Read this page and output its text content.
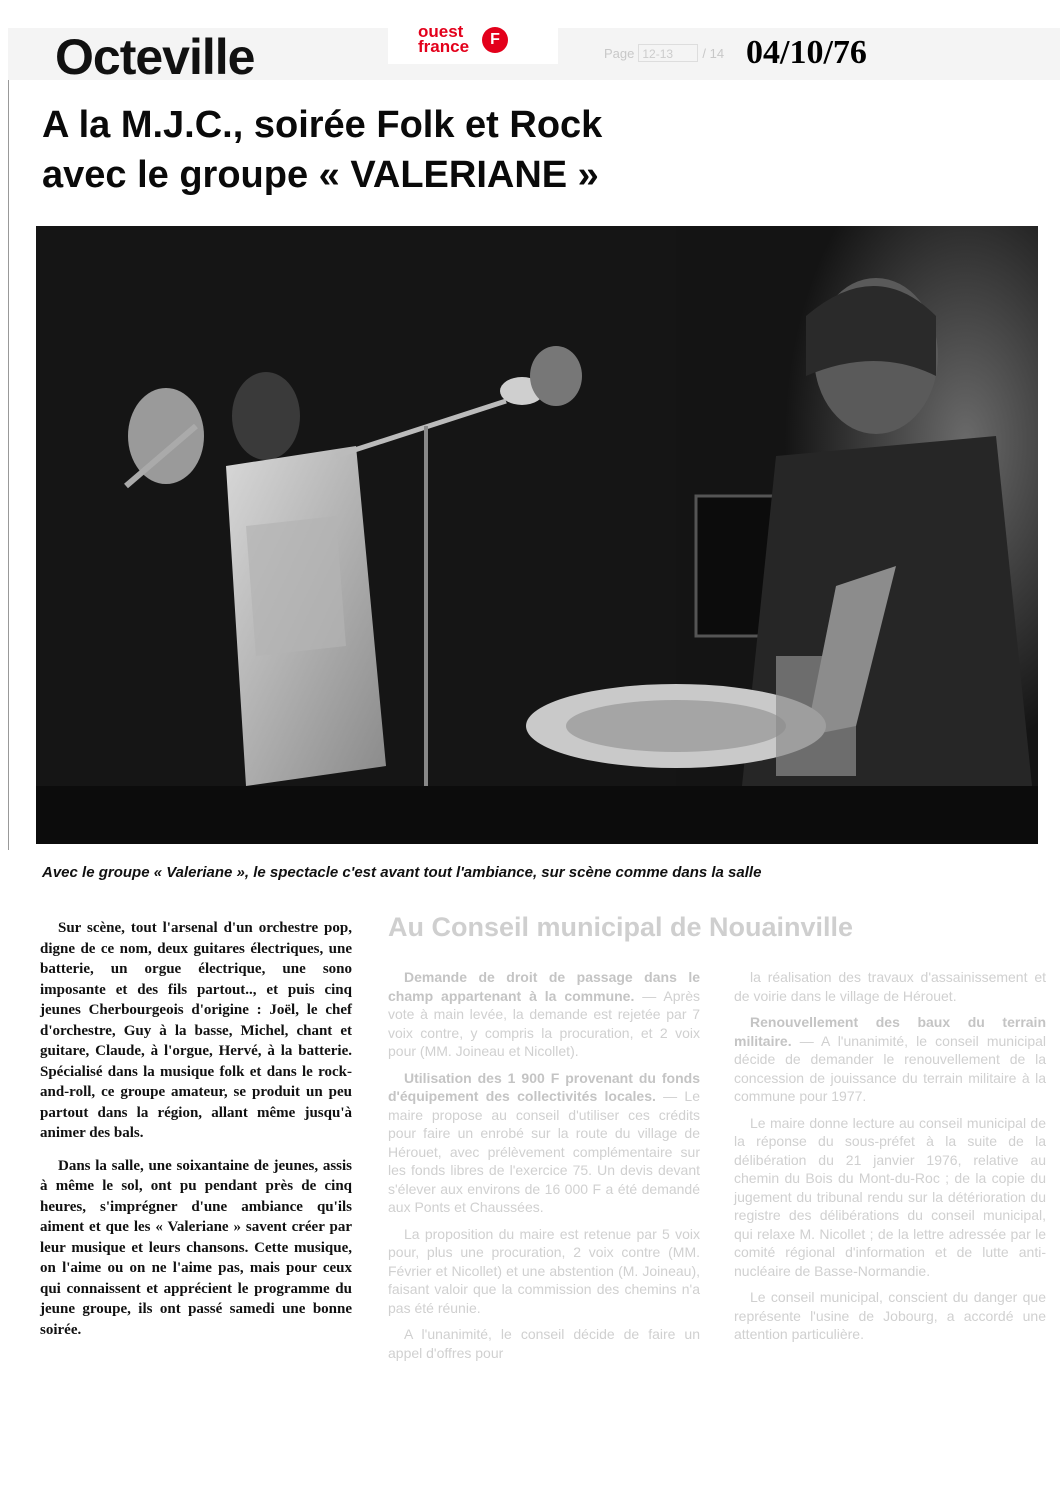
Octeville	ouest
france	F
Page 12-13	/ 14 04/10/76
A la M.J.C., soirée Folk et Rock
avec le groupe « VALERIANE »
Avec le groupe « Valeriane », le spectacle c'est avant tout l'ambiance, sur scène comme dans la salle

Sur scène, tout l'arsenal d'un orchestre pop, digne de ce nom, deux guitares électriques, une batterie, un orgue électrique, une sono imposante et des fils partout.., et puis cinq jeunes Cherbourgeois d'origine : Joël, le chef d'orchestre, Guy à la basse, Michel, chant et guitare, Claude, à l'orgue, Hervé, à la batterie. Spécialisé dans la musique folk et dans le rock-and-roll, ce groupe amateur, se produit un peu partout dans la région, allant même jusqu'à animer des bals.

Dans la salle, une soixantaine de jeunes, assis à même le sol, ont pu pendant près de cinq heures, s'imprégner d'une ambiance qu'ils aiment et que les « Valeriane » savent créer par leur musique et leurs chansons. Cette musique, on l'aime ou on ne l'aime pas, mais pour ceux qui connaissent et apprécient le programme du jeune groupe, ils ont passé samedi une bonne soirée.

Au Conseil municipal de Nouainville

Demande de droit de passage dans le champ appartenant à la commune. — Après vote à main levée, la demande est rejetée par 7 voix contre, y compris la procuration, et 2 voix pour (MM. Joineau et Nicollet).

Utilisation des 1 900 F provenant du fonds d'équipement des collectivités locales. — Le maire propose au conseil d'utiliser ces crédits pour faire un enrobé sur la route du village de Hérouet, avec prélèvement complémentaire sur les fonds libres de l'exercice 75. Un devis devant s'élever aux environs de 16 000 F a été demandé aux Ponts et Chaussées.

La proposition du maire est retenue par 5 voix pour, plus une procuration, 2 voix contre (MM. Février et Nicollet) et une abstention (M. Joineau), faisant valoir que la commission des chemins n'a pas été réunie.

A l'unanimité, le conseil décide de faire un appel d'offres pour

la réalisation des travaux d'assainissement et de voirie dans le village de Hérouet.

Renouvellement des baux du terrain militaire. — A l'unanimité, le conseil municipal décide de demander le renouvellement de la concession de jouissance du terrain militaire à la commune pour 1977.

Le maire donne lecture au conseil municipal de la réponse du sous-préfet à la suite de la délibération du 21 janvier 1976, relative au chemin du Bois du Mont-du-Roc ; de la copie du jugement du tribunal rendu sur la détérioration du registre des délibérations du conseil municipal, qui relaxe M. Nicollet ; de la lettre adressée par le comité régional d'information et de lutte anti-nucléaire de Basse-Normandie.

Le conseil municipal, conscient du danger que représente l'usine de Jobourg, a accordé une attention particulière.
